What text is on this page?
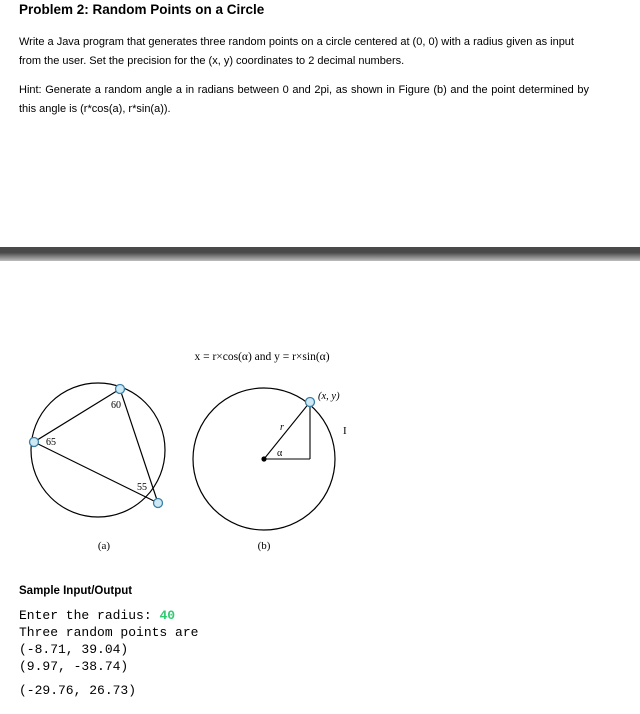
Problem 2: Random Points on a Circle
Write a Java program that generates three random points on a circle centered at (0, 0) with a radius given as input from the user. Set the precision for the (x, y) coordinates to 2 decimal numbers.
Hint: Generate a random angle a in radians between 0 and 2pi, as shown in Figure (b) and the point determined by this angle is (r*cos(a), r*sin(a)).
x = r×cos(α) and y = r×sin(α)
60
65
55
(a)
(x, y)
r
α
I
(b)
Sample Input/Output
Enter the radius: 40
Three random points are
(-8.71, 39.04)
(9.97, -38.74)
(-29.76, 26.73)
